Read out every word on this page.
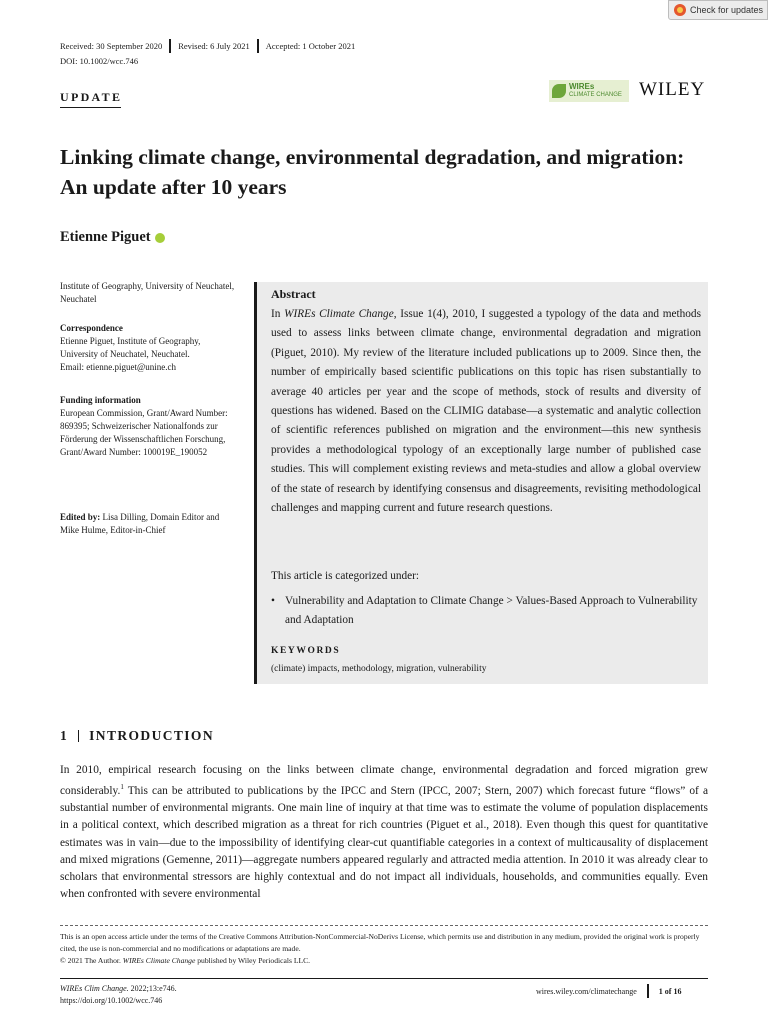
Check for updates
Received: 30 September 2020 Revised: 6 July 2021 Accepted: 1 October 2021
DOI: 10.1002/wcc.746
UPDATE
WIREs
CLIMATE CHANGE WILEY
Linking climate change, environmental degradation, and migration: An update after 10 years
Etienne Piguet
Institute of Geography, University of Neuchatel, Neuchatel
Correspondence
Etienne Piguet, Institute of Geography, University of Neuchatel, Neuchatel.
Email: etienne.piguet@unine.ch
Funding information
European Commission, Grant/Award Number: 869395; Schweizerischer Nationalfonds zur Förderung der Wissenschaftlichen Forschung, Grant/Award Number: 100019E_190052
Edited by: Lisa Dilling, Domain Editor and Mike Hulme, Editor-in-Chief
Abstract
In WIREs Climate Change, Issue 1(4), 2010, I suggested a typology of the data and methods used to assess links between climate change, environmental degradation and migration (Piguet, 2010). My review of the literature included publications up to 2009. Since then, the number of empirically based scientific publications on this topic has risen substantially to average 40 articles per year and the scope of methods, stock of results and diversity of questions has widened. Based on the CLIMIG database—a systematic and analytic collection of scientific references published on migration and the environment—this new synthesis provides a methodological typology of an exceptionally large number of published case studies. This will complement existing reviews and meta-studies and allow a global overview of the state of research by identifying consensus and disagreements, revisiting methodological challenges and mapping current and future research questions.
This article is categorized under:
• Vulnerability and Adaptation to Climate Change > Values-Based Approach to Vulnerability and Adaptation
KEYWORDS
(climate) impacts, methodology, migration, vulnerability
1 INTRODUCTION
In 2010, empirical research focusing on the links between climate change, environmental degradation and forced migration grew considerably.$^1$ This can be attributed to publications by the IPCC and Stern (IPCC, 2007; Stern, 2007) which forecast future “flows” of a substantial number of environmental migrants. One main line of inquiry at that time was to estimate the volume of population displacements in a political context, which described migration as a threat for rich countries (Piguet et al., 2018). Even though this quest for quantitative estimates was in vain—due to the impossibility of identifying clear-cut quantifiable categories in a context of multicausality of displacement and mixed migrations (Gemenne, 2011)—aggregate numbers appeared regularly and attracted media attention. In 2010 it was already clear to scholars that environmental stressors are highly contextual and do not impact all individuals, households, and communities equally. Even when confronted with severe environmental
This is an open access article under the terms of the Creative Commons Attribution-NonCommercial-NoDerivs License, which permits use and distribution in any medium, provided the original work is properly cited, the use is non-commercial and no modifications or adaptations are made.
© 2021 The Author. WIREs Climate Change published by Wiley Periodicals LLC.
WIREs Clim Change. 2022;13:e746.
https://doi.org/10.1002/wcc.746
wires.wiley.com/climatechange	1 of 16
